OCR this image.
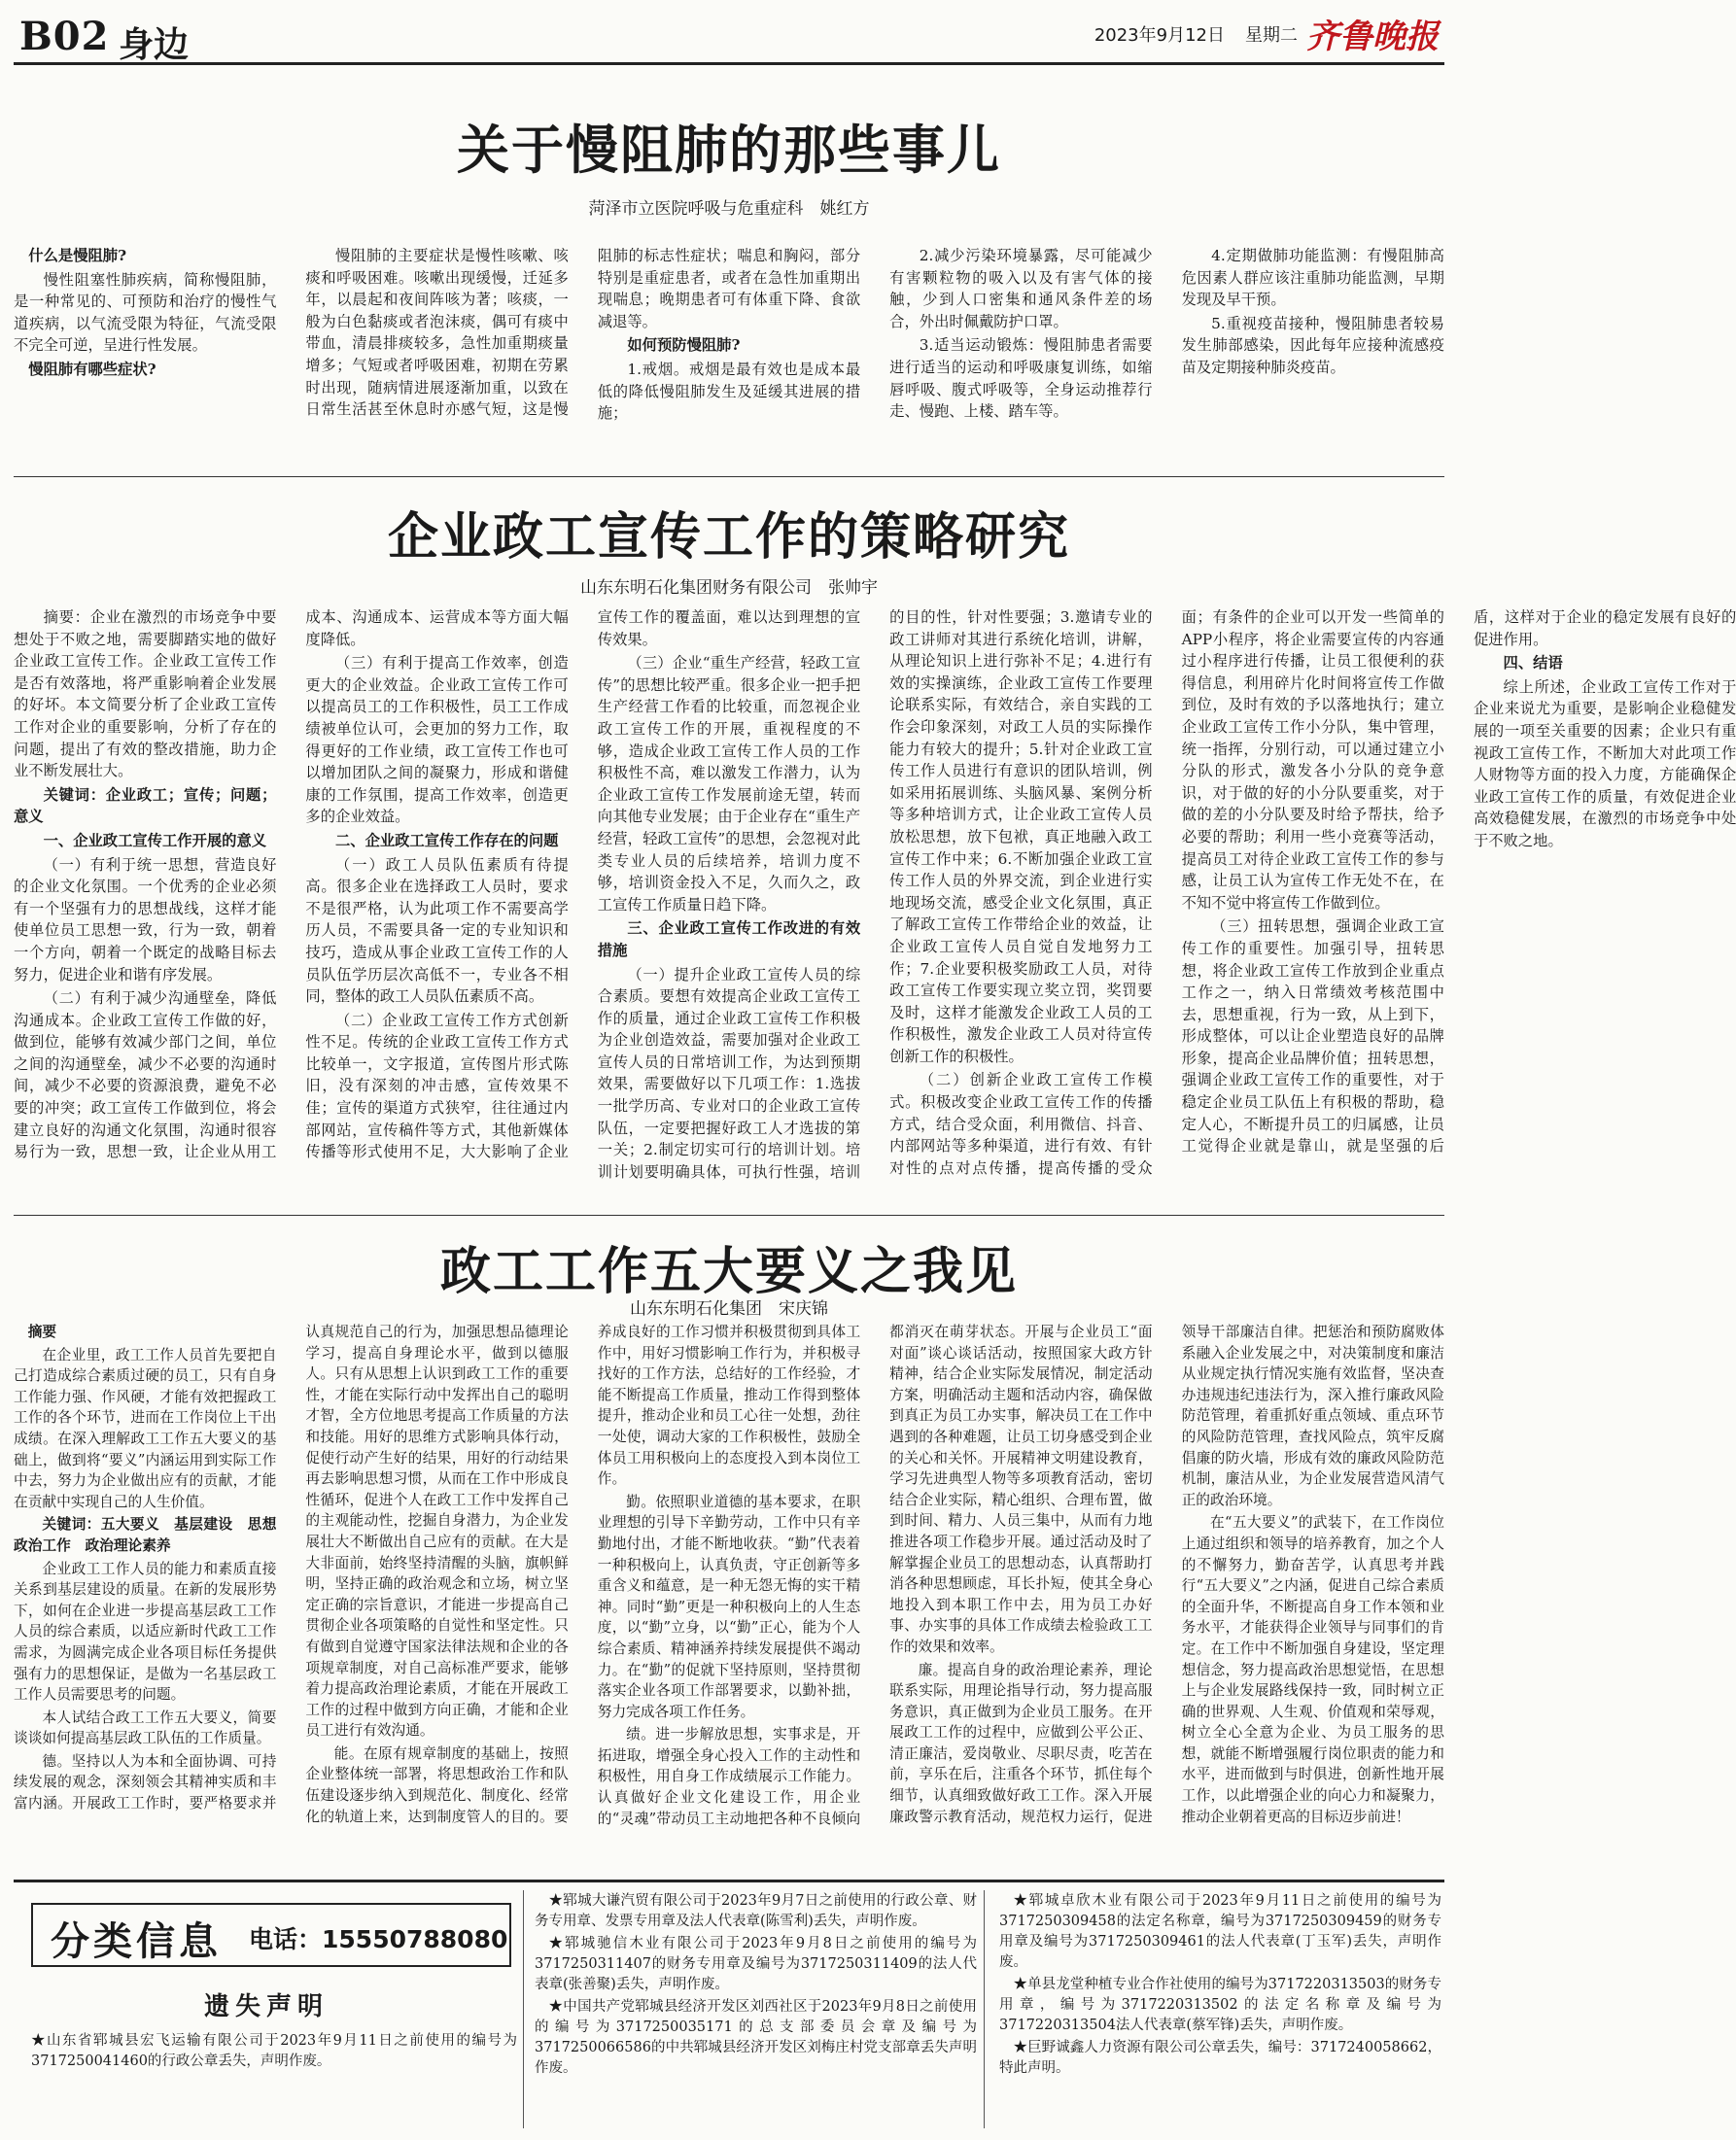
B02 身边	2023年9月12日 星期二 齐鲁晚报
关于慢阻肺的那些事儿
菏泽市立医院呼吸与危重症科　姚红方

什么是慢阻肺?

慢性阻塞性肺疾病，简称慢阻肺，是一种常见的、可预防和治疗的慢性气道疾病，以气流受限为特征，气流受限不完全可逆，呈进行性发展。

慢阻肺有哪些症状?

慢阻肺的主要症状是慢性咳嗽、咳痰和呼吸困难。咳嗽出现缓慢，迁延多年，以晨起和夜间阵咳为著；咳痰，一般为白色黏痰或者泡沫痰，偶可有痰中带血，清晨排痰较多，急性加重期痰量增多；气短或者呼吸困难，初期在劳累时出现，随病情进展逐渐加重，以致在日常生活甚至休息时亦感气短，这是慢阻肺的标志性症状；喘息和胸闷，部分特别是重症患者，或者在急性加重期出现喘息；晚期患者可有体重下降、食欲减退等。

如何预防慢阻肺?

1.戒烟。戒烟是最有效也是成本最低的降低慢阻肺发生及延缓其进展的措施；

2.减少污染环境暴露，尽可能减少有害颗粒物的吸入以及有害气体的接触，少到人口密集和通风条件差的场合，外出时佩戴防护口罩。

3.适当运动锻炼：慢阻肺患者需要进行适当的运动和呼吸康复训练，如缩唇呼吸、腹式呼吸等，全身运动推荐行走、慢跑、上楼、踏车等。

4.定期做肺功能监测：有慢阻肺高危因素人群应该注重肺功能监测，早期发现及早干预。

5.重视疫苗接种，慢阻肺患者较易发生肺部感染，因此每年应接种流感疫苗及定期接种肺炎疫苗。

企业政工宣传工作的策略研究
山东东明石化集团财务有限公司　张帅宇

摘要：企业在激烈的市场竞争中要想处于不败之地，需要脚踏实地的做好企业政工宣传工作。企业政工宣传工作是否有效落地，将严重影响着企业发展的好坏。本文简要分析了企业政工宣传工作对企业的重要影响，分析了存在的问题，提出了有效的整改措施，助力企业不断发展壮大。

关键词：企业政工；宣传；问题；意义

一、企业政工宣传工作开展的意义

（一）有利于统一思想，营造良好的企业文化氛围。一个优秀的企业必须有一个坚强有力的思想战线，这样才能使单位员工思想一致，行为一致，朝着一个方向，朝着一个既定的战略目标去努力，促进企业和谐有序发展。

（二）有利于减少沟通壁垒，降低沟通成本。企业政工宣传工作做的好，做到位，能够有效减少部门之间，单位之间的沟通壁垒，减少不必要的沟通时间，减少不必要的资源浪费，避免不必要的冲突；政工宣传工作做到位，将会建立良好的沟通文化氛围，沟通时很容易行为一致，思想一致，让企业从用工成本、沟通成本、运营成本等方面大幅度降低。

（三）有利于提高工作效率，创造更大的企业效益。企业政工宣传工作可以提高员工的工作积极性，员工工作成绩被单位认可，会更加的努力工作，取得更好的工作业绩，政工宣传工作也可以增加团队之间的凝聚力，形成和谐健康的工作氛围，提高工作效率，创造更多的企业效益。

二、企业政工宣传工作存在的问题

（一）政工人员队伍素质有待提高。很多企业在选择政工人员时，要求不是很严格，认为此项工作不需要高学历人员，不需要具备一定的专业知识和技巧，造成从事企业政工宣传工作的人员队伍学历层次高低不一，专业各不相同，整体的政工人员队伍素质不高。

（二）企业政工宣传工作方式创新性不足。传统的企业政工宣传工作方式比较单一，文字报道，宣传图片形式陈旧，没有深刻的冲击感，宣传效果不佳；宣传的渠道方式狭窄，往往通过内部网站，宣传稿件等方式，其他新媒体传播等形式使用不足，大大影响了企业宣传工作的覆盖面，难以达到理想的宣传效果。

（三）企业“重生产经营，轻政工宣传”的思想比较严重。很多企业一把手把生产经营工作看的比较重，而忽视企业政工宣传工作的开展，重视程度的不够，造成企业政工宣传工作人员的工作积极性不高，难以激发工作潜力，认为企业政工宣传工作发展前途无望，转而向其他专业发展；由于企业存在“重生产经营，轻政工宣传”的思想，会忽视对此类专业人员的后续培养，培训力度不够，培训资金投入不足，久而久之，政工宣传工作质量日趋下降。

三、企业政工宣传工作改进的有效措施

（一）提升企业政工宣传人员的综合素质。要想有效提高企业政工宣传工作的质量，通过企业政工宣传工作积极为企业创造效益，需要加强对企业政工宣传人员的日常培训工作，为达到预期效果，需要做好以下几项工作：1.选拔一批学历高、专业对口的企业政工宣传队伍，一定要把握好政工人才选拔的第一关；2.制定切实可行的培训计划。培训计划要明确具体，可执行性强，培训的目的性，针对性要强；3.邀请专业的政工讲师对其进行系统化培训，讲解，从理论知识上进行弥补不足；4.进行有效的实操演练，企业政工宣传工作要理论联系实际，有效结合，亲自实践的工作会印象深刻，对政工人员的实际操作能力有较大的提升；5.针对企业政工宣传工作人员进行有意识的团队培训，例如采用拓展训练、头脑风暴、案例分析等多种培训方式，让企业政工宣传人员放松思想，放下包袱，真正地融入政工宣传工作中来；6.不断加强企业政工宣传工作人员的外界交流，到企业进行实地现场交流，感受企业文化氛围，真正了解政工宣传工作带给企业的效益，让企业政工宣传人员自觉自发地努力工作；7.企业要积极奖励政工人员，对待政工宣传工作要实现立奖立罚，奖罚要及时，这样才能激发企业政工人员的工作积极性，激发企业政工人员对待宣传创新工作的积极性。

（二）创新企业政工宣传工作模式。积极改变企业政工宣传工作的传播方式，结合受众面，利用微信、抖音、内部网站等多种渠道，进行有效、有针对性的点对点传播，提高传播的受众面；有条件的企业可以开发一些简单的APP小程序，将企业需要宣传的内容通过小程序进行传播，让员工很便利的获得信息，利用碎片化时间将宣传工作做到位，及时有效的予以落地执行；建立企业政工宣传工作小分队，集中管理，统一指挥，分别行动，可以通过建立小分队的形式，激发各小分队的竞争意识，对于做的好的小分队要重奖，对于做的差的小分队要及时给予帮扶，给予必要的帮助；利用一些小竞赛等活动，提高员工对待企业政工宣传工作的参与感，让员工认为宣传工作无处不在，在不知不觉中将宣传工作做到位。

（三）扭转思想，强调企业政工宣传工作的重要性。加强引导，扭转思想，将企业政工宣传工作放到企业重点工作之一，纳入日常绩效考核范围中去，思想重视，行为一致，从上到下，形成整体，可以让企业塑造良好的品牌形象，提高企业品牌价值；扭转思想，强调企业政工宣传工作的重要性，对于稳定企业员工队伍上有积极的帮助，稳定人心，不断提升员工的归属感，让员工觉得企业就是靠山，就是坚强的后盾，这样对于企业的稳定发展有良好的促进作用。

四、结语

综上所述，企业政工宣传工作对于企业来说尤为重要，是影响企业稳健发展的一项至关重要的因素；企业只有重视政工宣传工作，不断加大对此项工作人财物等方面的投入力度，方能确保企业政工宣传工作的质量，有效促进企业高效稳健发展，在激烈的市场竞争中处于不败之地。

政工工作五大要义之我见
山东东明石化集团　宋庆锦

摘要

在企业里，政工工作人员首先要把自己打造成综合素质过硬的员工，只有自身工作能力强、作风硬，才能有效把握政工工作的各个环节，进而在工作岗位上干出成绩。在深入理解政工工作五大要义的基础上，做到将“要义”内涵运用到实际工作中去，努力为企业做出应有的贡献，才能在贡献中实现自己的人生价值。

关键词：五大要义　基层建设　思想政治工作　政治理论素养

企业政工工作人员的能力和素质直接关系到基层建设的质量。在新的发展形势下，如何在企业进一步提高基层政工工作人员的综合素质，以适应新时代政工工作需求，为圆满完成企业各项目标任务提供强有力的思想保证，是做为一名基层政工工作人员需要思考的问题。

本人试结合政工工作五大要义，简要谈谈如何提高基层政工队伍的工作质量。

德。坚持以人为本和全面协调、可持续发展的观念，深刻领会其精神实质和丰富内涵。开展政工工作时，要严格要求并认真规范自己的行为，加强思想品德理论学习，提高自身理论水平，做到以德服人。只有从思想上认识到政工工作的重要性，才能在实际行动中发挥出自己的聪明才智，全方位地思考提高工作质量的方法和技能。用好的思维方式影响具体行动，促使行动产生好的结果，用好的行动结果再去影响思想习惯，从而在工作中形成良性循环，促进个人在政工工作中发挥自己的主观能动性，挖掘自身潜力，为企业发展壮大不断做出自己应有的贡献。在大是大非面前，始终坚持清醒的头脑，旗帜鲜明，坚持正确的政治观念和立场，树立坚定正确的宗旨意识，才能进一步提高自己贯彻企业各项策略的自觉性和坚定性。只有做到自觉遵守国家法律法规和企业的各项规章制度，对自己高标准严要求，能够着力提高政治理论素质，才能在开展政工工作的过程中做到方向正确，才能和企业员工进行有效沟通。

能。在原有规章制度的基础上，按照企业整体统一部署，将思想政治工作和队伍建设逐步纳入到规范化、制度化、经常化的轨道上来，达到制度管人的目的。要养成良好的工作习惯并积极贯彻到具体工作中，用好习惯影响工作行为，并积极寻找好的工作方法，总结好的工作经验，才能不断提高工作质量，推动工作得到整体提升，推动企业和员工心往一处想，劲往一处使，调动大家的工作积极性，鼓励全体员工用积极向上的态度投入到本岗位工作。

勤。依照职业道德的基本要求，在职业理想的引导下辛勤劳动，工作中只有辛勤地付出，才能不断地收获。“勤”代表着一种积极向上，认真负责，守正创新等多重含义和蕴意，是一种无怨无悔的实干精神。同时“勤”更是一种积极向上的人生态度，以“勤”立身，以“勤”正心，能为个人综合素质、精神涵养持续发展提供不竭动力。在“勤”的促就下坚持原则，坚持贯彻落实企业各项工作部署要求，以勤补拙，努力完成各项工作任务。

绩。进一步解放思想，实事求是，开拓进取，增强全身心投入工作的主动性和积极性，用自身工作成绩展示工作能力。认真做好企业文化建设工作，用企业的“灵魂”带动员工主动地把各种不良倾向都消灭在萌芽状态。开展与企业员工“面对面”谈心谈话活动，按照国家大政方针精神，结合企业实际发展情况，制定活动方案，明确活动主题和活动内容，确保做到真正为员工办实事，解决员工在工作中遇到的各种难题，让员工切身感受到企业的关心和关怀。开展精神文明建设教育，学习先进典型人物等多项教育活动，密切结合企业实际，精心组织、合理布置，做到时间、精力、人员三集中，从而有力地推进各项工作稳步开展。通过活动及时了解掌握企业员工的思想动态，认真帮助打消各种思想顾虑，耳长扑短，使其全身心地投入到本职工作中去，用为员工办好事、办实事的具体工作成绩去检验政工工作的效果和效率。

廉。提高自身的政治理论素养，理论联系实际，用理论指导行动，努力提高服务意识，真正做到为企业员工服务。在开展政工工作的过程中，应做到公平公正、清正廉洁，爱岗敬业、尽职尽责，吃苦在前，享乐在后，注重各个环节，抓住每个细节，认真细致做好政工工作。深入开展廉政警示教育活动，规范权力运行，促进领导干部廉洁自律。把惩治和预防腐败体系融入企业发展之中，对决策制度和廉洁从业规定执行情况实施有效监督，坚决查办违规违纪违法行为，深入推行廉政风险防范管理，着重抓好重点领域、重点环节的风险防范管理，查找风险点，筑牢反腐倡廉的防火墙，形成有效的廉政风险防范机制，廉洁从业，为企业发展营造风清气正的政治环境。

在“五大要义”的武装下，在工作岗位上通过组织和领导的培养教育，加之个人的不懈努力，勤奋苦学，认真思考并践行“五大要义”之内涵，促进自己综合素质的全面升华，不断提高自身工作本领和业务水平，才能获得企业领导与同事们的肯定。在工作中不断加强自身建设，坚定理想信念，努力提高政治思想觉悟，在思想上与企业发展路线保持一致，同时树立正确的世界观、人生观、价值观和荣辱观，树立全心全意为企业、为员工服务的思想，就能不断增强履行岗位职责的能力和水平，进而做到与时俱进，创新性地开展工作，以此增强企业的向心力和凝聚力，推动企业朝着更高的目标迈步前进！

分类信息 电话：15550788080
遗失声明
★山东省郓城县宏飞运输有限公司于2023年9月11日之前使用的编号为3717250041460的行政公章丢失，声明作废。

★郓城大谦汽贸有限公司于2023年9月7日之前使用的行政公章、财务专用章、发票专用章及法人代表章(陈雪利)丢失，声明作废。

★郓城驰信木业有限公司于2023年9月8日之前使用的编号为3717250311407的财务专用章及编号为3717250311409的法人代表章(张善聚)丢失，声明作废。

★中国共产党郓城县经济开发区刘西社区于2023年9月8日之前使用的编号为3717250035171的总支部委员会章及编号为3717250066586的中共郓城县经济开发区刘梅庄村党支部章丢失声明作废。

★郓城卓欣木业有限公司于2023年9月11日之前使用的编号为3717250309458的法定名称章，编号为3717250309459的财务专用章及编号为3717250309461的法人代表章(丁玉军)丢失，声明作废。

★单县龙堂种植专业合作社使用的编号为3717220313503的财务专用章，编号为3717220313502的法定名称章及编号为3717220313504法人代表章(蔡军锋)丢失，声明作废。

★巨野诚鑫人力资源有限公司公章丢失，编号：3717240058662，特此声明。
